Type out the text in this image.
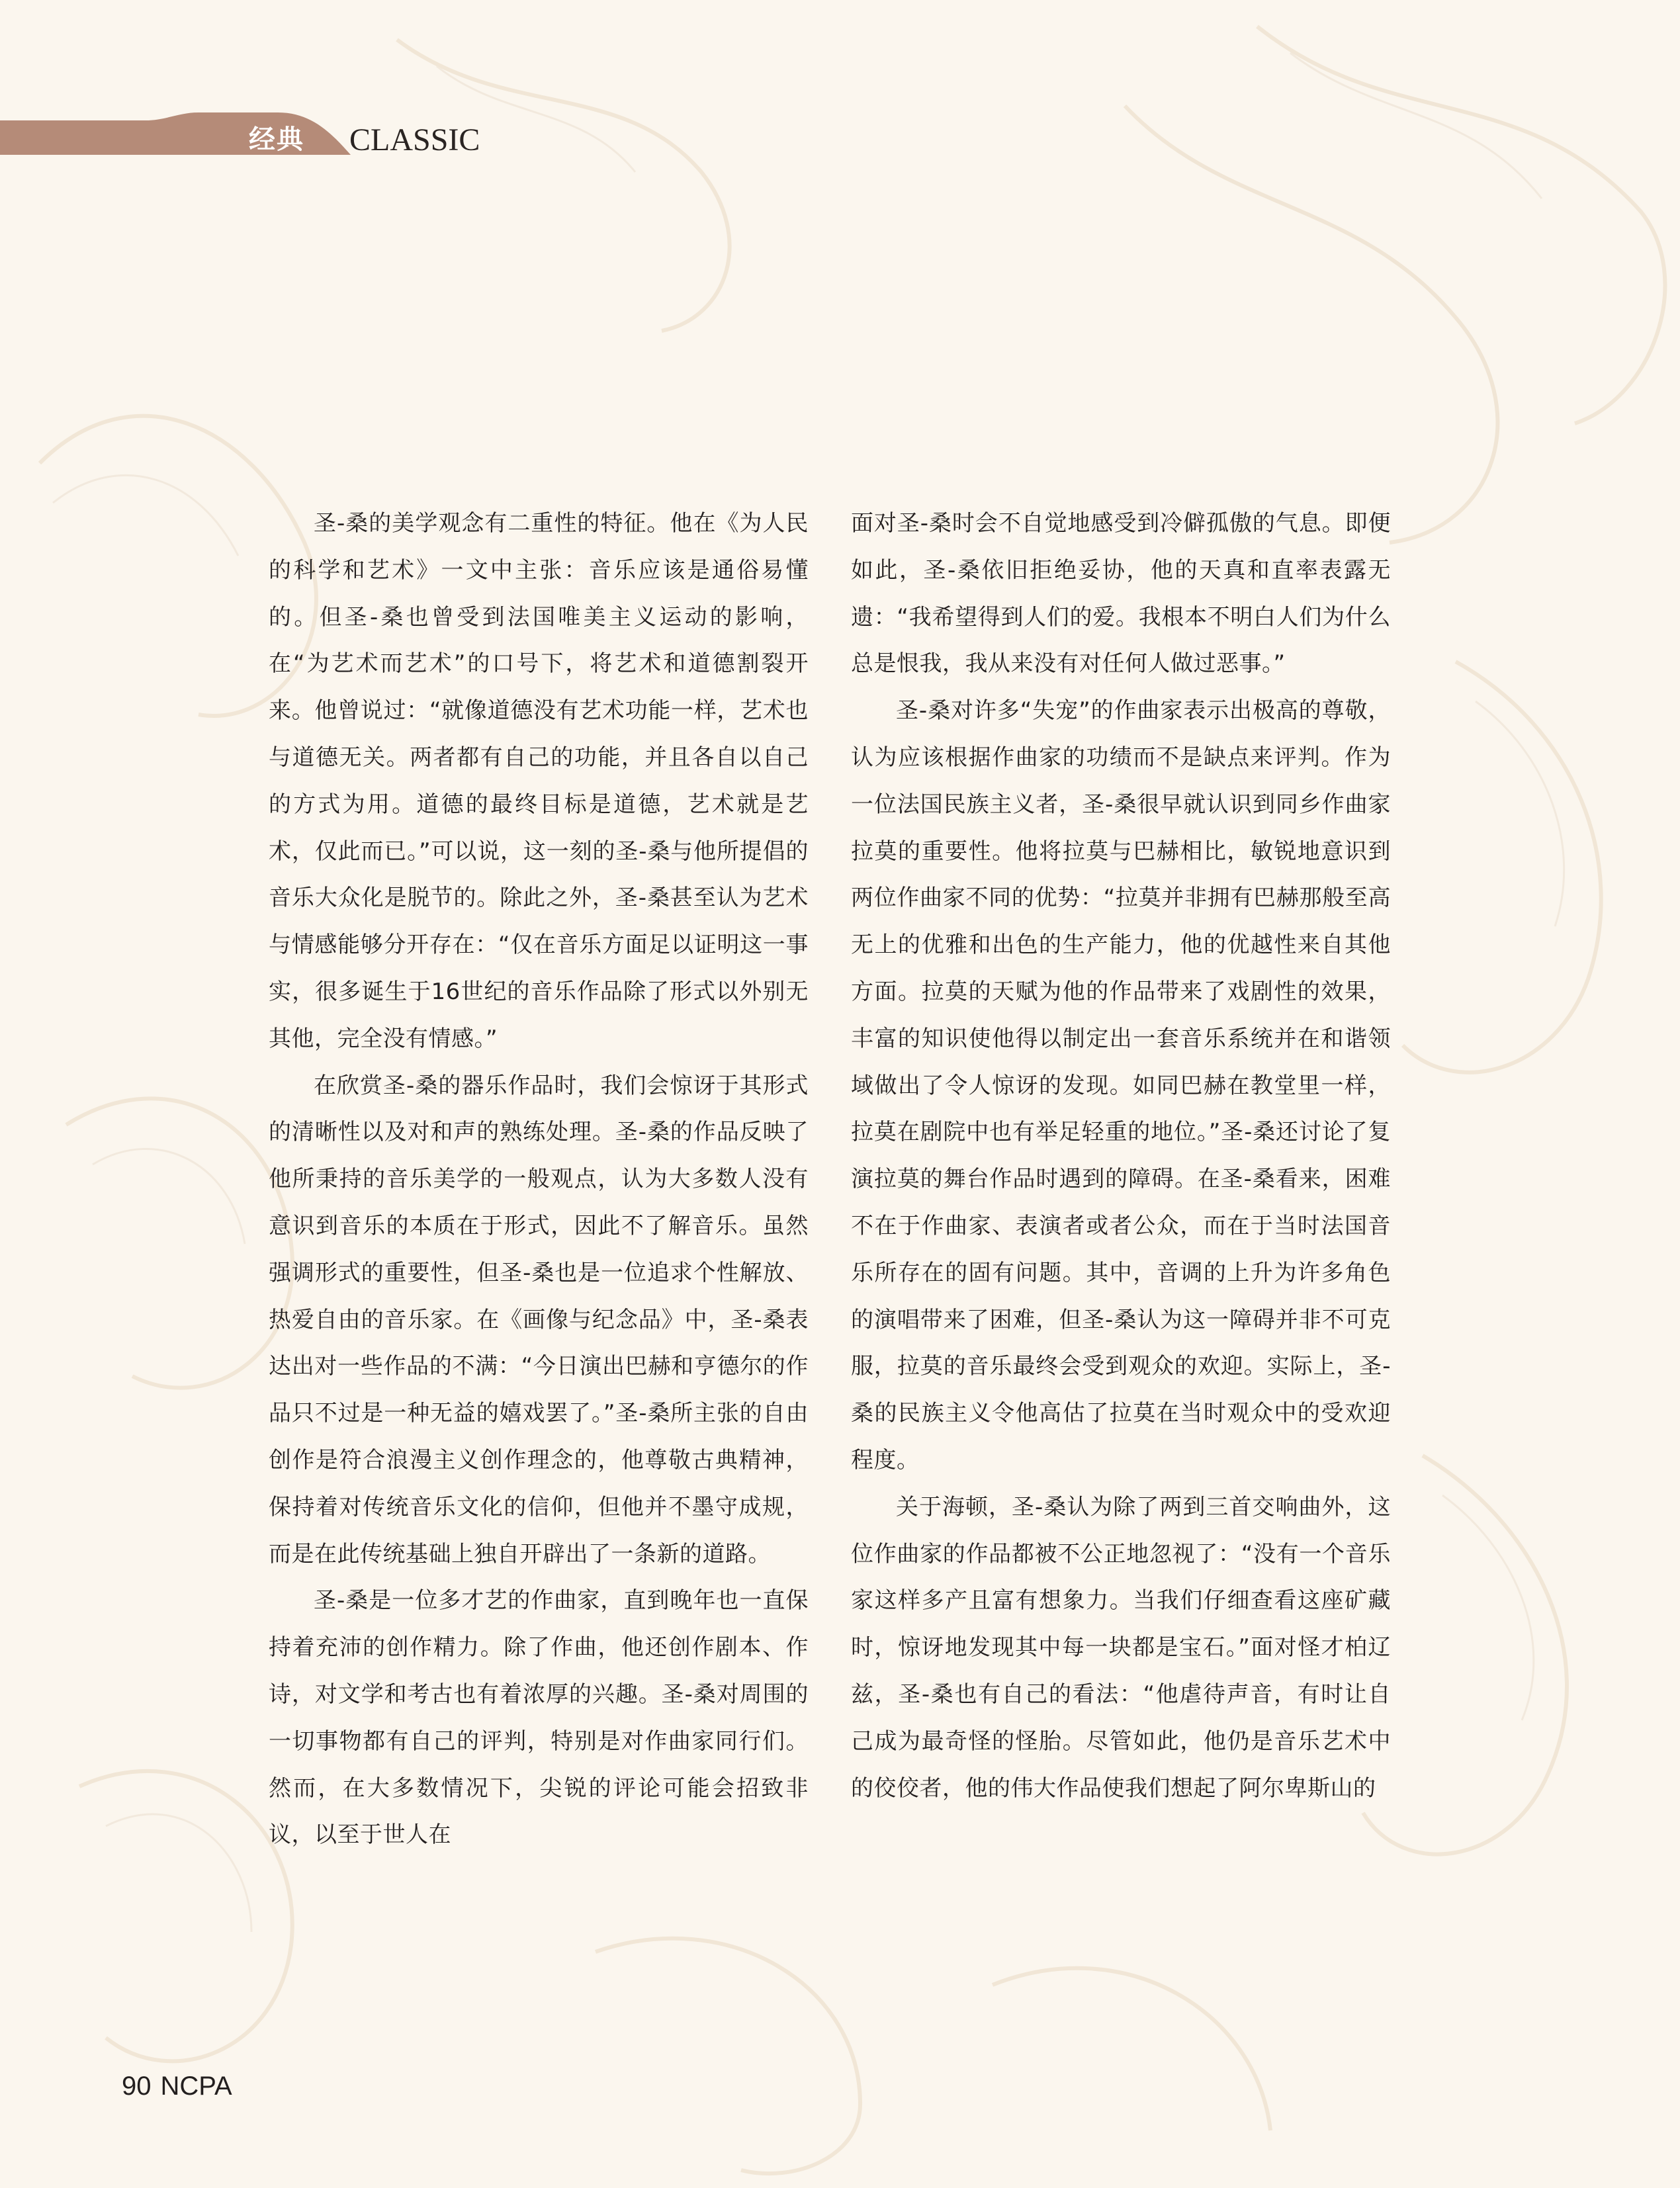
经典 CLASSIC

圣-桑的美学观念有二重性的特征。他在《为人民的科学和艺术》一文中主张：音乐应该是通俗易懂的。但圣-桑也曾受到法国唯美主义运动的影响，在“为艺术而艺术”的口号下，将艺术和道德割裂开来。他曾说过：“就像道德没有艺术功能一样，艺术也与道德无关。两者都有自己的功能，并且各自以自己的方式为用。道德的最终目标是道德，艺术就是艺术，仅此而已。”可以说，这一刻的圣-桑与他所提倡的音乐大众化是脱节的。除此之外，圣-桑甚至认为艺术与情感能够分开存在：“仅在音乐方面足以证明这一事实，很多诞生于16世纪的音乐作品除了形式以外别无其他，完全没有情感。”

在欣赏圣-桑的器乐作品时，我们会惊讶于其形式的清晰性以及对和声的熟练处理。圣-桑的作品反映了他所秉持的音乐美学的一般观点，认为大多数人没有意识到音乐的本质在于形式，因此不了解音乐。虽然强调形式的重要性，但圣-桑也是一位追求个性解放、热爱自由的音乐家。在《画像与纪念品》中，圣-桑表达出对一些作品的不满：“今日演出巴赫和亨德尔的作品只不过是一种无益的嬉戏罢了。”圣-桑所主张的自由创作是符合浪漫主义创作理念的，他尊敬古典精神，保持着对传统音乐文化的信仰，但他并不墨守成规，而是在此传统基础上独自开辟出了一条新的道路。

圣-桑是一位多才艺的作曲家，直到晚年也一直保持着充沛的创作精力。除了作曲，他还创作剧本、作诗，对文学和考古也有着浓厚的兴趣。圣-桑对周围的一切事物都有自己的评判，特别是对作曲家同行们。然而，在大多数情况下，尖锐的评论可能会招致非议，以至于世人在

面对圣-桑时会不自觉地感受到冷僻孤傲的气息。即便如此，圣-桑依旧拒绝妥协，他的天真和直率表露无遗：“我希望得到人们的爱。我根本不明白人们为什么总是恨我，我从来没有对任何人做过恶事。”

圣-桑对许多“失宠”的作曲家表示出极高的尊敬，认为应该根据作曲家的功绩而不是缺点来评判。作为一位法国民族主义者，圣-桑很早就认识到同乡作曲家拉莫的重要性。他将拉莫与巴赫相比，敏锐地意识到两位作曲家不同的优势：“拉莫并非拥有巴赫那般至高无上的优雅和出色的生产能力，他的优越性来自其他方面。拉莫的天赋为他的作品带来了戏剧性的效果，丰富的知识使他得以制定出一套音乐系统并在和谐领域做出了令人惊讶的发现。如同巴赫在教堂里一样，拉莫在剧院中也有举足轻重的地位。”圣-桑还讨论了复演拉莫的舞台作品时遇到的障碍。在圣-桑看来，困难不在于作曲家、表演者或者公众，而在于当时法国音乐所存在的固有问题。其中，音调的上升为许多角色的演唱带来了困难，但圣-桑认为这一障碍并非不可克服，拉莫的音乐最终会受到观众的欢迎。实际上，圣-桑的民族主义令他高估了拉莫在当时观众中的受欢迎程度。

关于海顿，圣-桑认为除了两到三首交响曲外，这位作曲家的作品都被不公正地忽视了：“没有一个音乐家这样多产且富有想象力。当我们仔细查看这座矿藏时，惊讶地发现其中每一块都是宝石。”面对怪才柏辽兹，圣-桑也有自己的看法：“他虐待声音，有时让自己成为最奇怪的怪胎。尽管如此，他仍是音乐艺术中的佼佼者，他的伟大作品使我们想起了阿尔卑斯山的

90 NCPA
